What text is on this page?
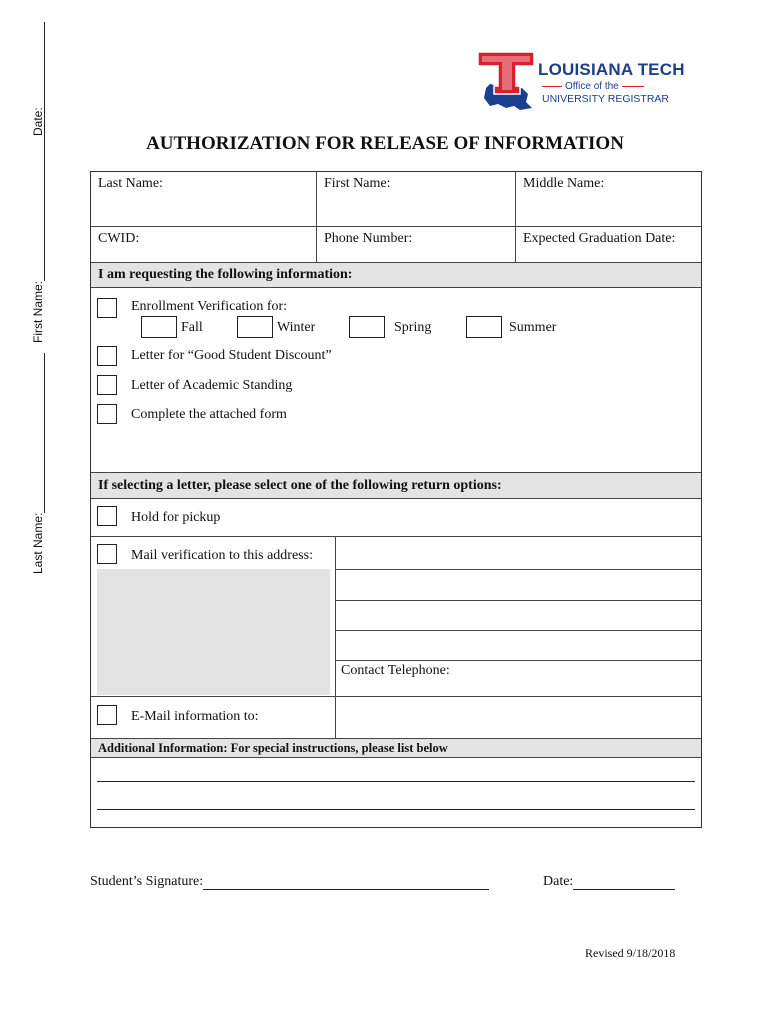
Date:
First Name:
Last Name:
LOUISIANA TECH
Office of the
UNIVERSITY REGISTRAR
AUTHORIZATION FOR RELEASE OF INFORMATION
Last Name:	First Name:	Middle Name:
CWID:	Phone Number:	Expected Graduation Date:
I am requesting the following information:
Enrollment Verification for:
Fall	Winter	Spring	Summer
Letter for “Good Student Discount”
Letter of Academic Standing
Complete the attached form
If selecting a letter, please select one of the following return options:
Hold for pickup
Mail verification to this address:
Contact Telephone:
E-Mail information to:
Additional Information: For special instructions, please list below
Student’s Signature:	Date:
Revised 9/18/2018
